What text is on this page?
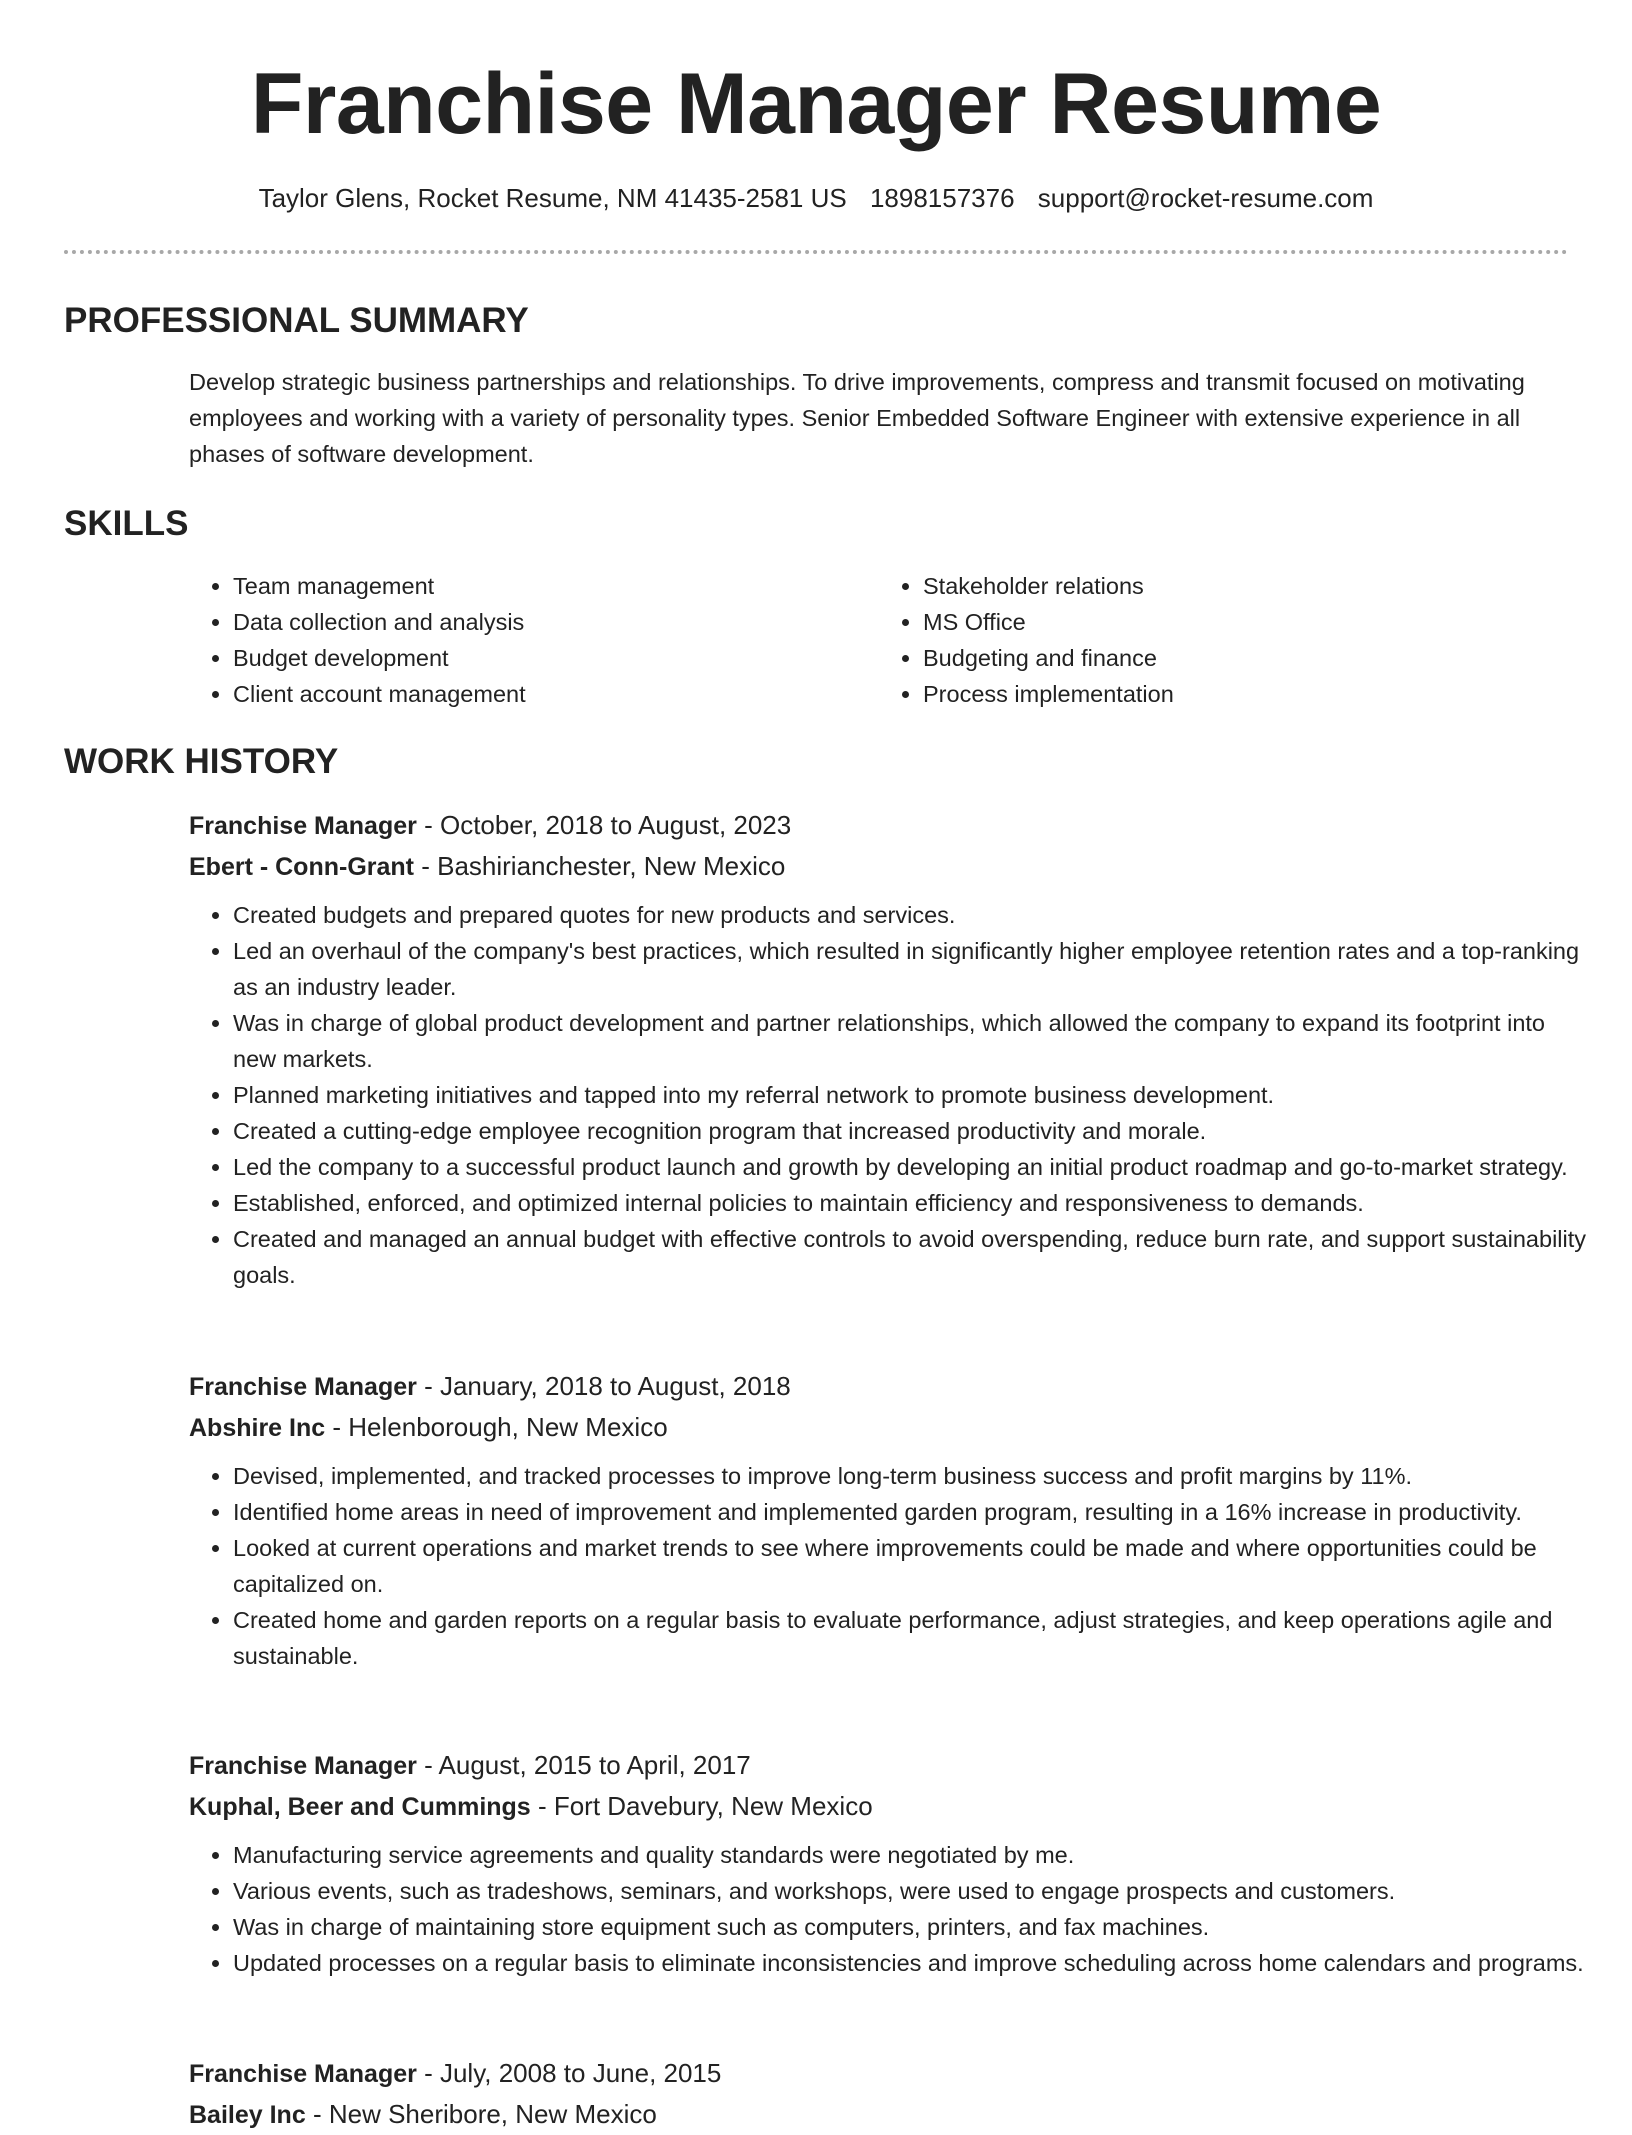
Franchise Manager Resume
Taylor Glens, Rocket Resume, NM 41435-2581 US 1898157376 support@rocket-resume.com
PROFESSIONAL SUMMARY

Develop strategic business partnerships and relationships. To drive improvements, compress and transmit focused on motivating employees and working with a variety of personality types. Senior Embedded Software Engineer with extensive experience in all phases of software development.

SKILLS
• Team management
• Data collection and analysis
• Budget development
• Client account management
• Stakeholder relations
• MS Office
• Budgeting and finance
• Process implementation
WORK HISTORY

Franchise Manager - October, 2018 to August, 2023

Ebert - Conn-Grant - Bashirianchester, New Mexico

• Created budgets and prepared quotes for new products and services.
• Led an overhaul of the company's best practices, which resulted in significantly higher employee retention rates and a top-ranking as an industry leader.
• Was in charge of global product development and partner relationships, which allowed the company to expand its footprint into new markets.
• Planned marketing initiatives and tapped into my referral network to promote business development.
• Created a cutting-edge employee recognition program that increased productivity and morale.
• Led the company to a successful product launch and growth by developing an initial product roadmap and go-to-market strategy.
• Established, enforced, and optimized internal policies to maintain efficiency and responsiveness to demands.
• Created and managed an annual budget with effective controls to avoid overspending, reduce burn rate, and support sustainability goals.

Franchise Manager - January, 2018 to August, 2018

Abshire Inc - Helenborough, New Mexico

• Devised, implemented, and tracked processes to improve long-term business success and profit margins by 11%.
• Identified home areas in need of improvement and implemented garden program, resulting in a 16% increase in productivity.
• Looked at current operations and market trends to see where improvements could be made and where opportunities could be capitalized on.
• Created home and garden reports on a regular basis to evaluate performance, adjust strategies, and keep operations agile and sustainable.

Franchise Manager - August, 2015 to April, 2017

Kuphal, Beer and Cummings - Fort Davebury, New Mexico

• Manufacturing service agreements and quality standards were negotiated by me.
• Various events, such as tradeshows, seminars, and workshops, were used to engage prospects and customers.
• Was in charge of maintaining store equipment such as computers, printers, and fax machines.
• Updated processes on a regular basis to eliminate inconsistencies and improve scheduling across home calendars and programs.

Franchise Manager - July, 2008 to June, 2015

Bailey Inc - New Sheribore, New Mexico
